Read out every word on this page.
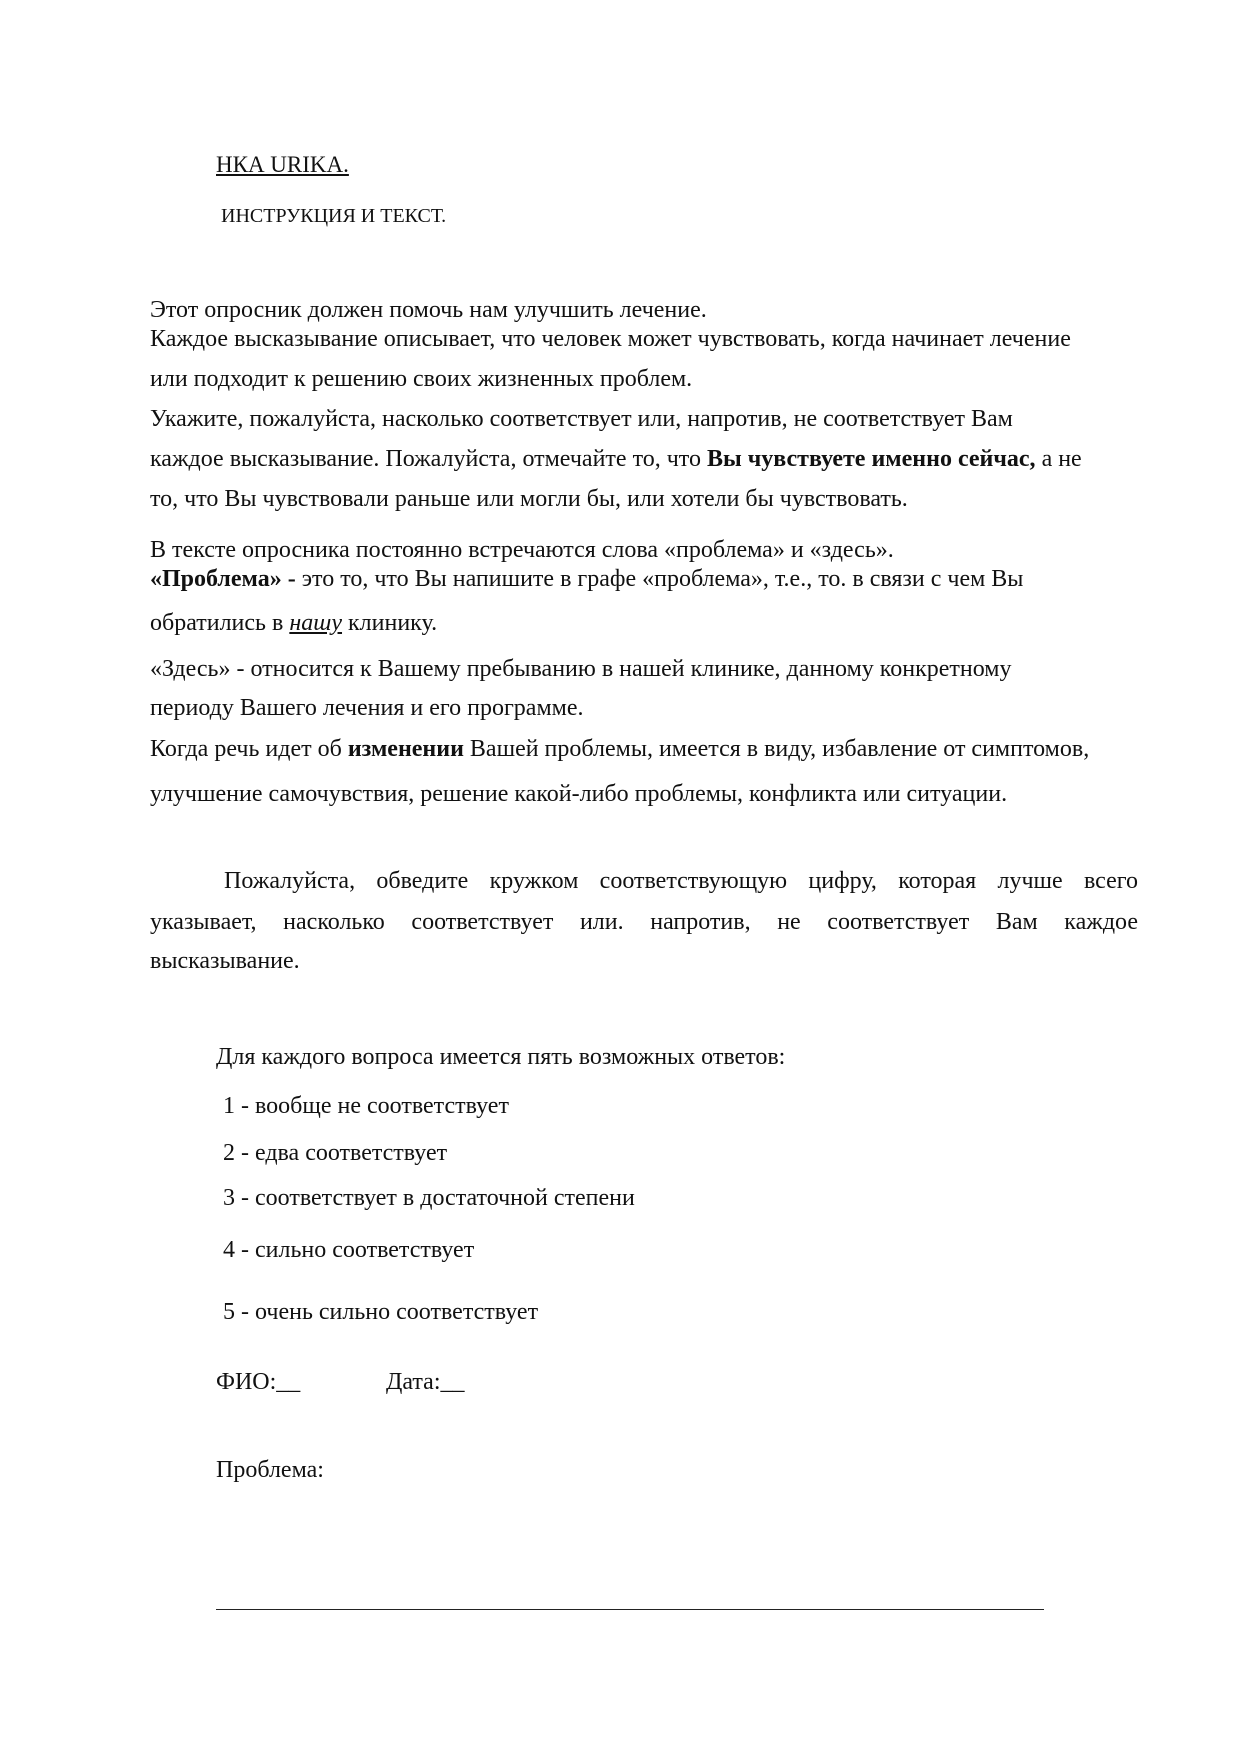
НКА URIKA.
ИНСТРУКЦИЯ И ТЕКСТ.
Этот опросник должен помочь нам улучшить лечение.
Каждое высказывание описывает, что человек может чувствовать, когда начинает лечение
или подходит к решению своих жизненных проблем.
Укажите, пожалуйста, насколько соответствует или, напротив, не соответствует Вам
каждое высказывание. Пожалуйста, отмечайте то, что Вы чувствуете именно сейчас, а не
то, что Вы чувствовали раньше или могли бы, или хотели бы чувствовать.
В тексте опросника постоянно встречаются слова «проблема» и «здесь».
«Проблема» - это то, что Вы напишите в графе «проблема», т.е., то. в связи с чем Вы
обратились в нашу клинику.
«Здесь» - относится к Вашему пребыванию в нашей клинике, данному конкретному
периоду Вашего лечения и его программе.
Когда речь идет об изменении Вашей проблемы, имеется в виду, избавление от симптомов,
улучшение самочувствия, решение какой-либо проблемы, конфликта или ситуации.
Пожалуйста, обведите кружком соответствующую цифру, которая лучше всего
указывает, насколько соответствует или. напротив, не соответствует Вам каждое
высказывание.
Для каждого вопроса имеется пять возможных ответов:
1 - вообще не соответствует
2 - едва соответствует
3 - соответствует в достаточной степени
4 - сильно соответствует
5 - очень сильно соответствует
ФИО:__	Дата:__
Проблема:
